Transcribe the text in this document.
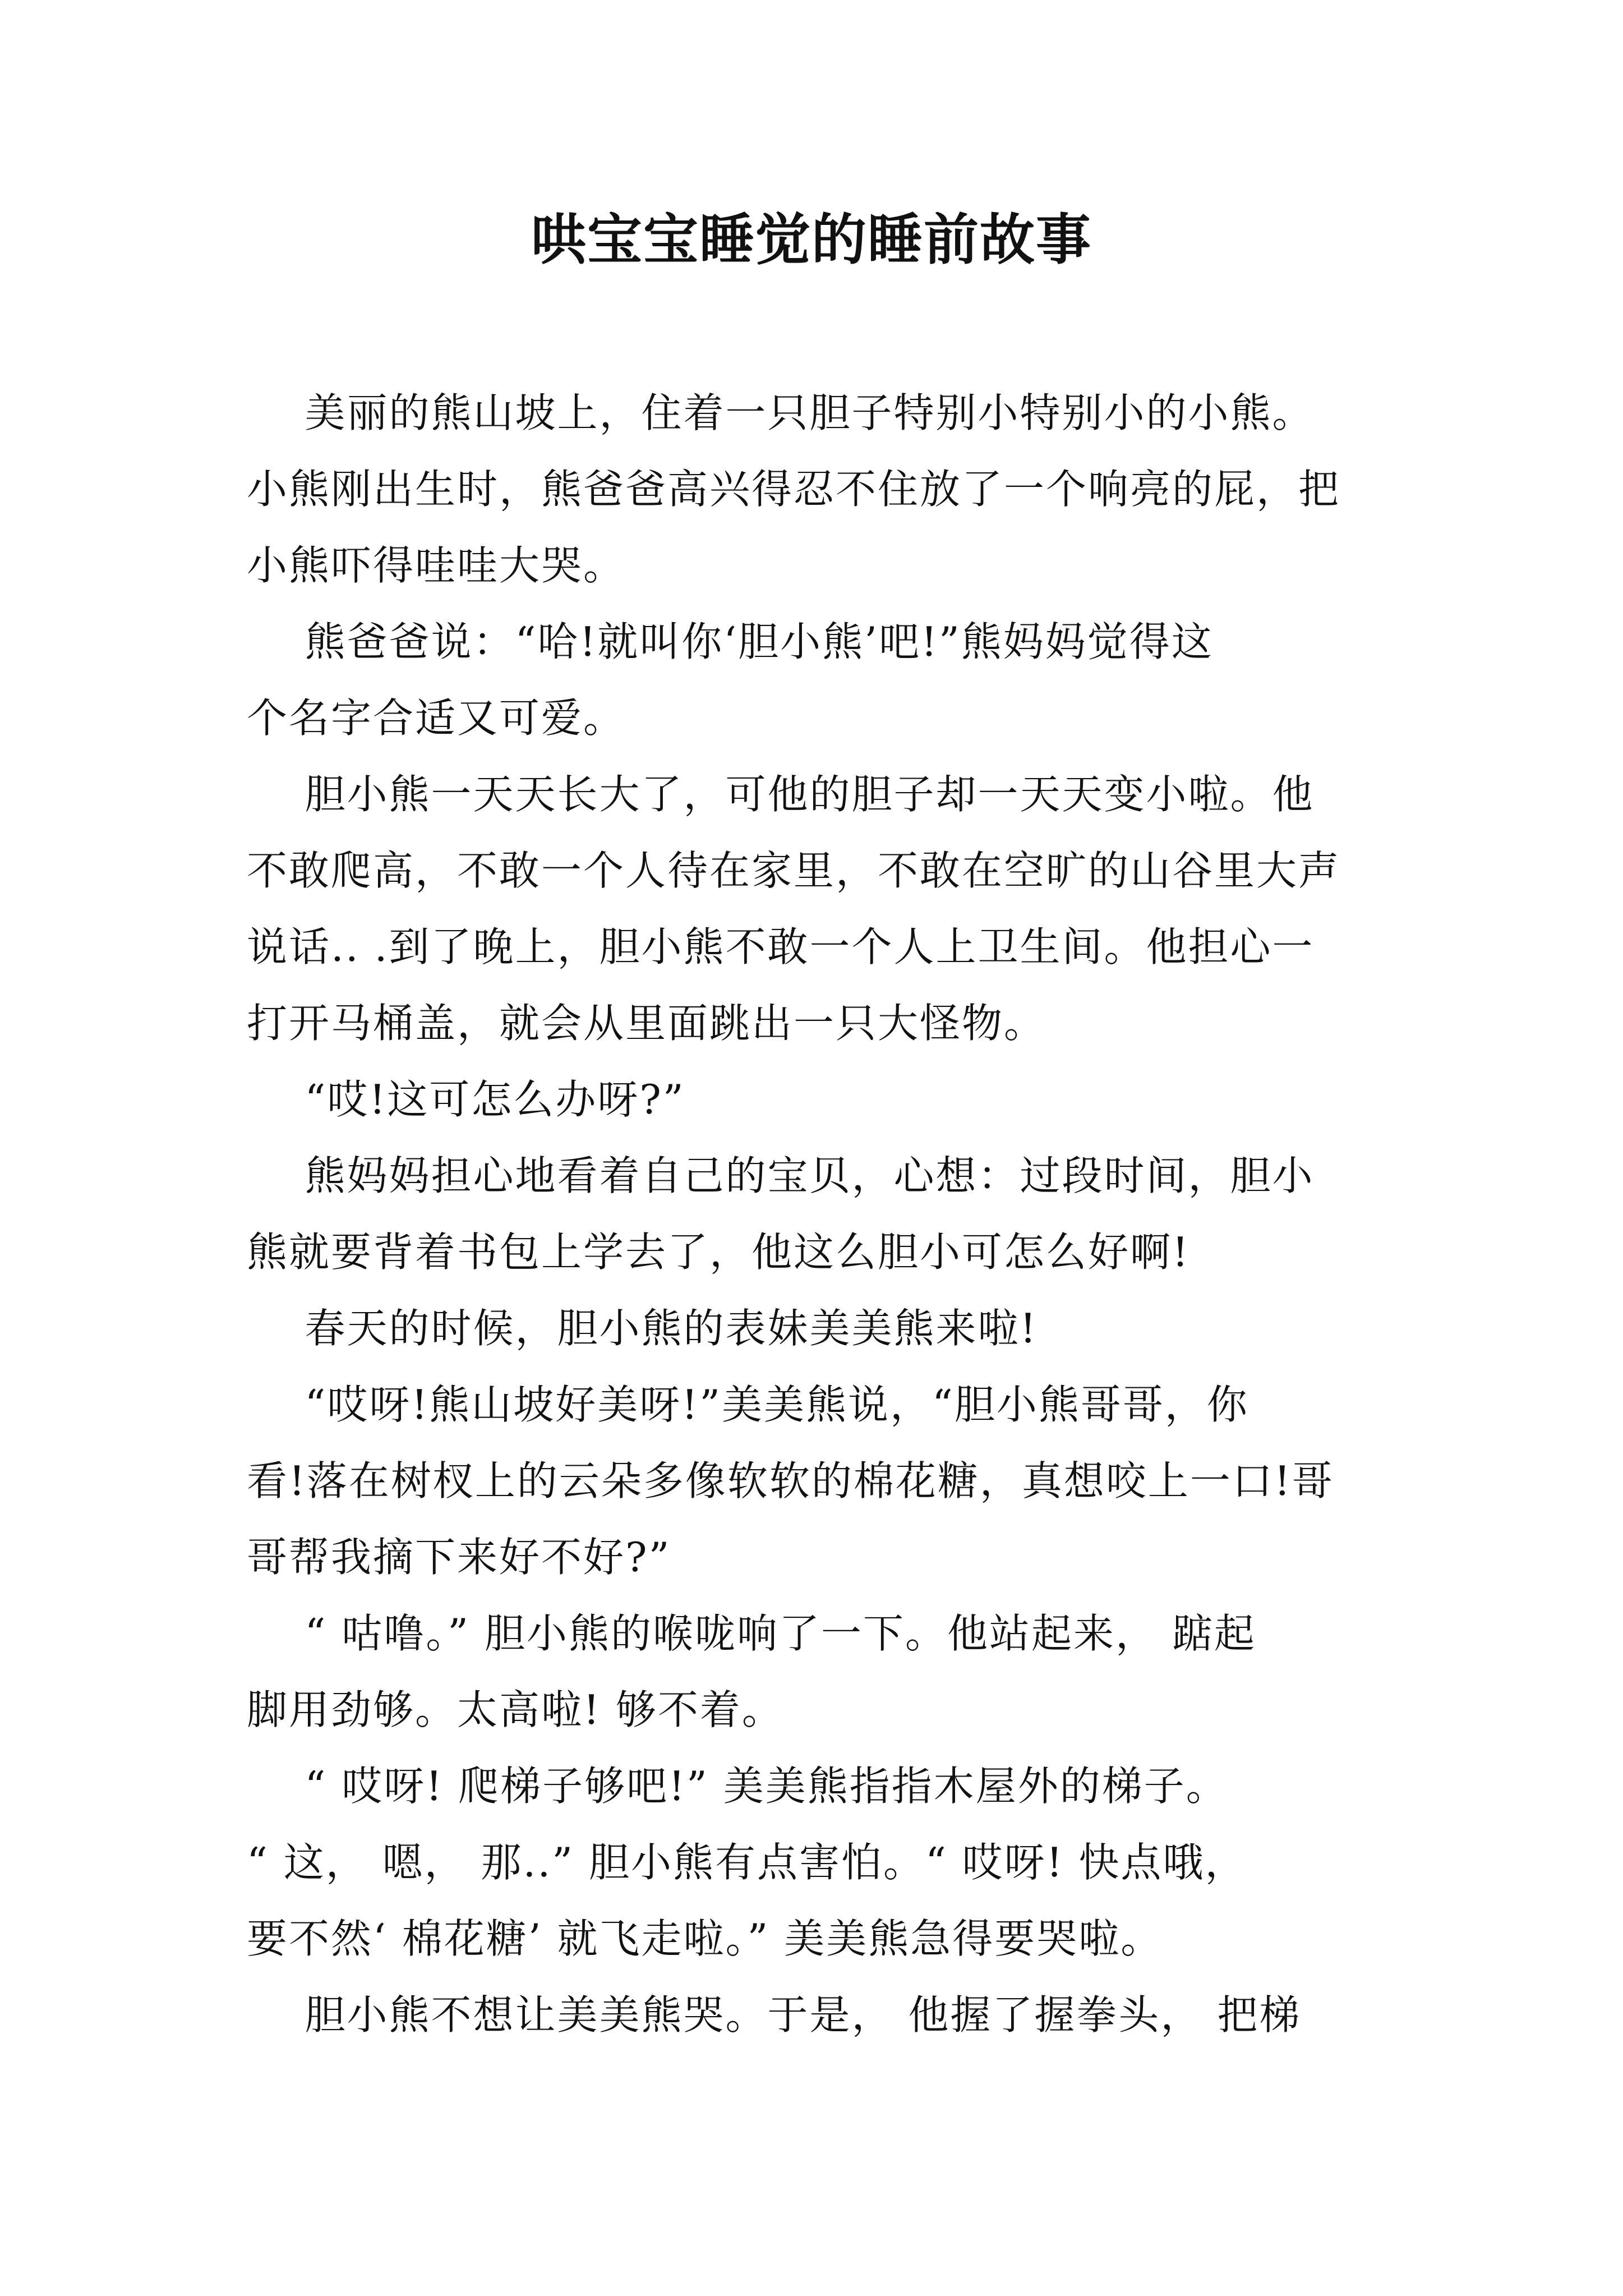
哄宝宝睡觉的睡前故事
美丽的熊山坡上，住着一只胆子特别小特别小的小熊。
小熊刚出生时，熊爸爸高兴得忍不住放了一个响亮的屁，把
小熊吓得哇哇大哭。
熊爸爸说：“哈!就叫你‘胆小熊’吧!”熊妈妈觉得这
个名字合适又可爱。
胆小熊一天天长大了，可他的胆子却一天天变小啦。他
不敢爬高，不敢一个人待在家里，不敢在空旷的山谷里大声
说话.. .到了晚上，胆小熊不敢一个人上卫生间。他担心一
打开马桶盖，就会从里面跳出一只大怪物。
“哎!这可怎么办呀?”
熊妈妈担心地看着自己的宝贝，心想：过段时间，胆小
熊就要背着书包上学去了，他这么胆小可怎么好啊!
春天的时候，胆小熊的表妹美美熊来啦!
“哎呀!熊山坡好美呀!”美美熊说，“胆小熊哥哥，你
看!落在树杈上的云朵多像软软的棉花糖，真想咬上一口!哥
哥帮我摘下来好不好?”
“ 咕噜。” 胆小熊的喉咙响了一下。他站起来， 踮起
脚用劲够。太高啦! 够不着。
“ 哎呀! 爬梯子够吧!” 美美熊指指木屋外的梯子。
“ 这， 嗯， 那..” 胆小熊有点害怕。“ 哎呀! 快点哦，
要不然‘ 棉花糖’ 就飞走啦。” 美美熊急得要哭啦。
胆小熊不想让美美熊哭。于是， 他握了握拳头， 把梯
